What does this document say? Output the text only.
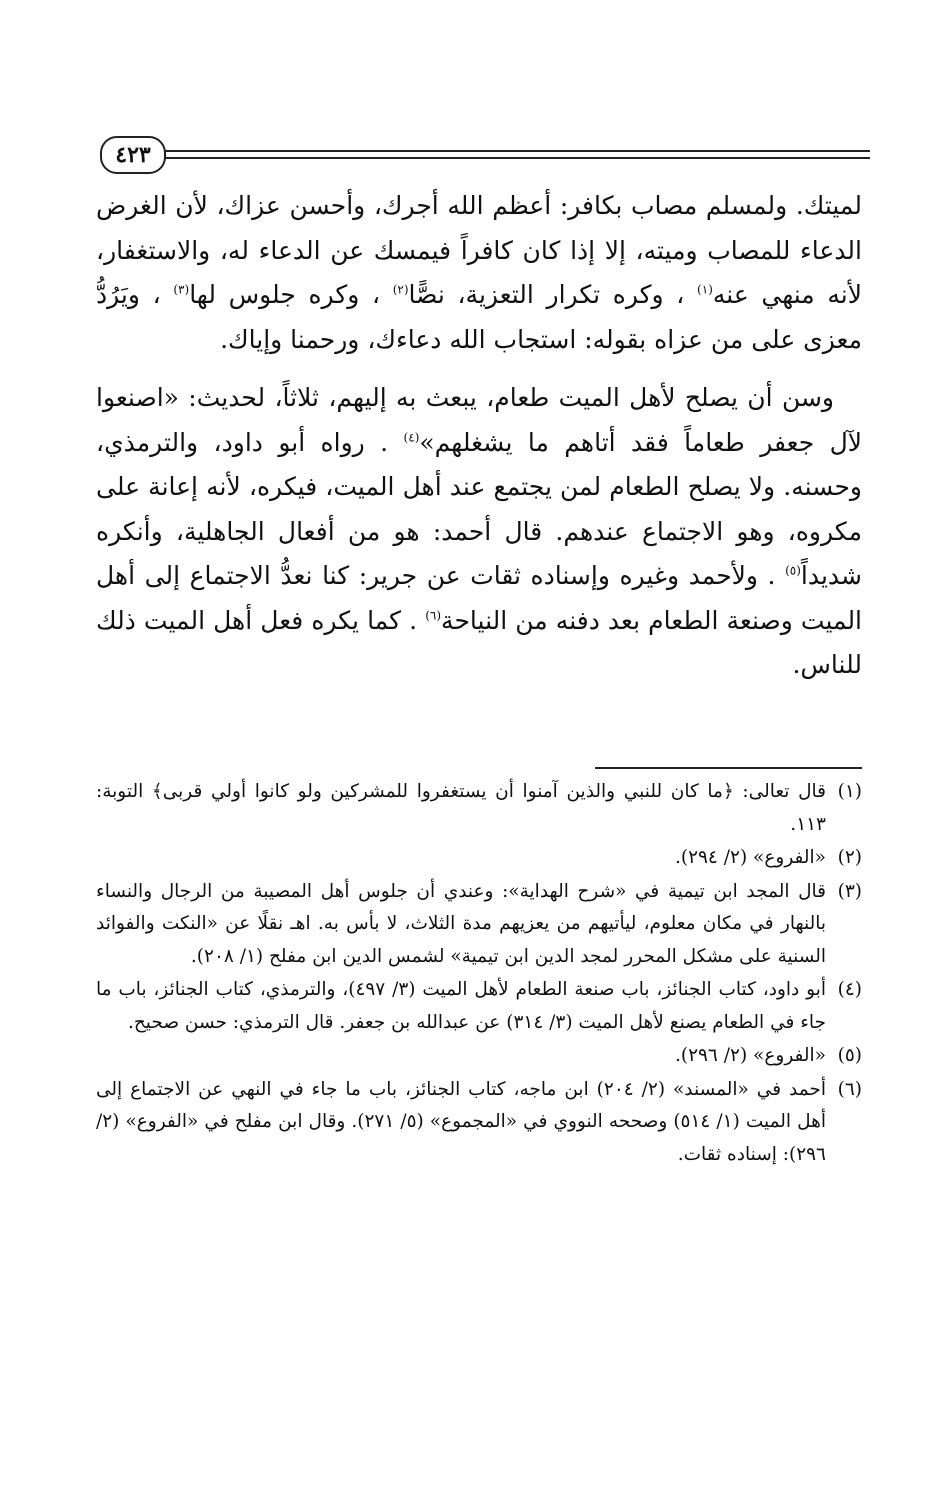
٤٢٣

لميتك. ولمسلم مصاب بكافر: أعظم الله أجرك، وأحسن عزاك، لأن الغرض الدعاء للمصاب وميته، إلا إذا كان كافراً فيمسك عن الدعاء له، والاستغفار، لأنه منهي عنه$^{(١)}$ ، وكره تكرار التعزية، نصًّا$^{(٢)}$ ، وكره جلوس لها$^{(٣)}$ ، ويَرُدُّ معزى على من عزاه بقوله: استجاب الله دعاءك، ورحمنا وإياك.

وسن أن يصلح لأهل الميت طعام، يبعث به إليهم، ثلاثاً، لحديث: «اصنعوا لآل جعفر طعاماً فقد أتاهم ما يشغلهم»$^{(٤)}$ . رواه أبو داود، والترمذي، وحسنه. ولا يصلح الطعام لمن يجتمع عند أهل الميت، فيكره، لأنه إعانة على مكروه، وهو الاجتماع عندهم. قال أحمد: هو من أفعال الجاهلية، وأنكره شديداً$^{(٥)}$ . ولأحمد وغيره وإسناده ثقات عن جرير: كنا نعدُّ الاجتماع إلى أهل الميت وصنعة الطعام بعد دفنه من النياحة$^{(٦)}$ . كما يكره فعل أهل الميت ذلك للناس.

(١)قال تعالى: ﴿ما كان للنبي والذين آمنوا أن يستغفروا للمشركين ولو كانوا أولي قربى﴾ التوبة: ١١٣.

(٢)«الفروع» (٢/ ٢٩٤).

(٣)قال المجد ابن تيمية في «شرح الهداية»: وعندي أن جلوس أهل المصيبة من الرجال والنساء بالنهار في مكان معلوم، ليأتيهم من يعزيهم مدة الثلاث، لا بأس به. اهـ نقلًا عن «النكت والفوائد السنية على مشكل المحرر لمجد الدين ابن تيمية» لشمس الدين ابن مفلح (١/ ٢٠٨).

(٤)أبو داود، كتاب الجنائز، باب صنعة الطعام لأهل الميت (٣/ ٤٩٧)، والترمذي، كتاب الجنائز، باب ما جاء في الطعام يصنع لأهل الميت (٣/ ٣١٤) عن عبدالله بن جعفر. قال الترمذي: حسن صحيح.

(٥)«الفروع» (٢/ ٢٩٦).

(٦)أحمد في «المسند» (٢/ ٢٠٤) ابن ماجه، كتاب الجنائز، باب ما جاء في النهي عن الاجتماع إلى أهل الميت (١/ ٥١٤) وصححه النووي في «المجموع» (٥/ ٢٧١). وقال ابن مفلح في «الفروع» (٢/ ٢٩٦): إسناده ثقات.
